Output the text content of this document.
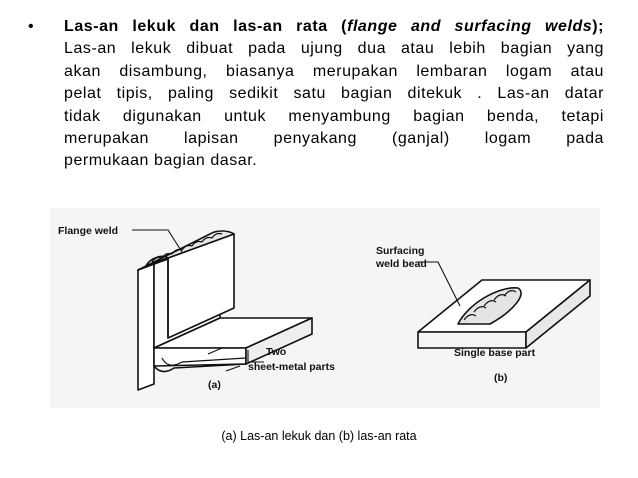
• Las-an lekuk dan las-an rata (flange and surfacing welds);
Las-an lekuk dibuat pada ujung dua atau lebih bagian yang
akan disambung, biasanya merupakan lembaran logam atau
pelat tipis, paling sedikit satu bagian ditekuk . Las-an datar
tidak digunakan untuk menyambung bagian benda, tetapi
merupakan lapisan penyakang (ganjal) logam pada
permukaan bagian dasar.
Flange weld
Two
sheet-metal parts
(a)
Surfacing
weld bead
Single base part
(b)
(a) Las-an lekuk dan (b) las-an rata
